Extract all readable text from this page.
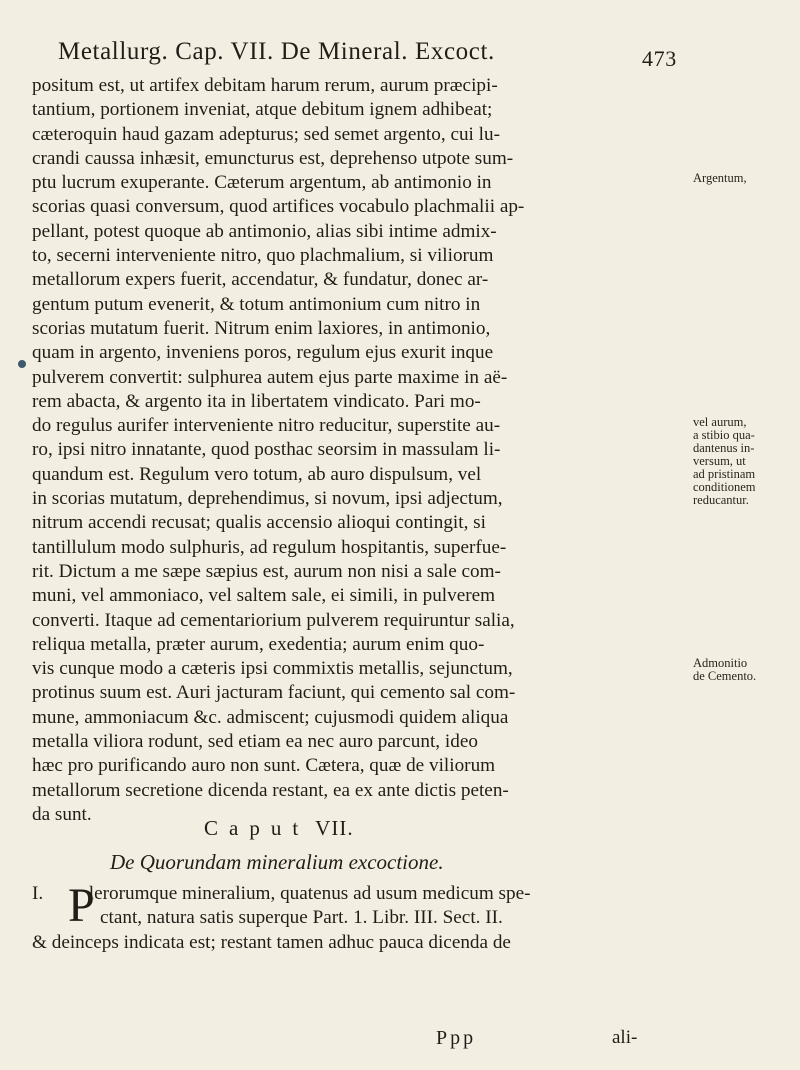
Metallurg. Cap. VII. De Mineral. Excoct.	473
positum est, ut artifex debitam harum rerum, aurum præcipi-
tantium, portionem inveniat, atque debitum ignem adhibeat;
cæteroquin haud gazam adepturus; sed semet argento, cui lu-
crandi caussa inhæsit, emuncturus est, deprehenso utpote sum-
ptu lucrum exuperante. Cæterum argentum, ab antimonio in
scorias quasi conversum, quod artifices vocabulo plachmalii ap-
pellant, potest quoque ab antimonio, alias sibi intime admix-
to, secerni interveniente nitro, quo plachmalium, si viliorum
metallorum expers fuerit, accendatur, & fundatur, donec ar-
gentum putum evenerit, & totum antimonium cum nitro in
scorias mutatum fuerit. Nitrum enim laxiores, in antimonio,
quam in argento, inveniens poros, regulum ejus exurit inque
pulverem convertit: sulphurea autem ejus parte maxime in aë-
rem abacta, & argento ita in libertatem vindicato. Pari mo-
do regulus aurifer interveniente nitro reducitur, superstite au-
ro, ipsi nitro innatante, quod posthac seorsim in massulam li-
quandum est. Regulum vero totum, ab auro dispulsum, vel
in scorias mutatum, deprehendimus, si novum, ipsi adjectum,
nitrum accendi recusat; qualis accensio alioqui contingit, si
tantillulum modo sulphuris, ad regulum hospitantis, superfue-
rit. Dictum a me sæpe sæpius est, aurum non nisi a sale com-
muni, vel ammoniaco, vel saltem sale, ei simili, in pulverem
converti. Itaque ad cementariorium pulverem requiruntur salia,
reliqua metalla, præter aurum, exedentia; aurum enim quo-
vis cunque modo a cæteris ipsi commixtis metallis, sejunctum,
protinus suum est. Auri jacturam faciunt, qui cemento sal com-
mune, ammoniacum &c. admiscent; cujusmodi quidem aliqua
metalla viliora rodunt, sed etiam ea nec auro parcunt, ideo
hæc pro purificando auro non sunt. Cætera, quæ de viliorum
metallorum secretione dicenda restant, ea ex ante dictis peten-
da sunt.
Argentum,
vel aurum,
a stibio qua-
dantenus in-
versum, ut
ad pristinam
conditionem
reducantur.
Admonitio
de Cemento.
Caput VII.
De Quorundam mineralium excoctione.
I. lerorumque mineralium, quatenus ad usum medicum spe-
ctant, natura satis superque Part. 1. Libr. III. Sect. II.
& deinceps indicata est; restant tamen adhuc pauca dicenda de
P
Ppp	ali-
